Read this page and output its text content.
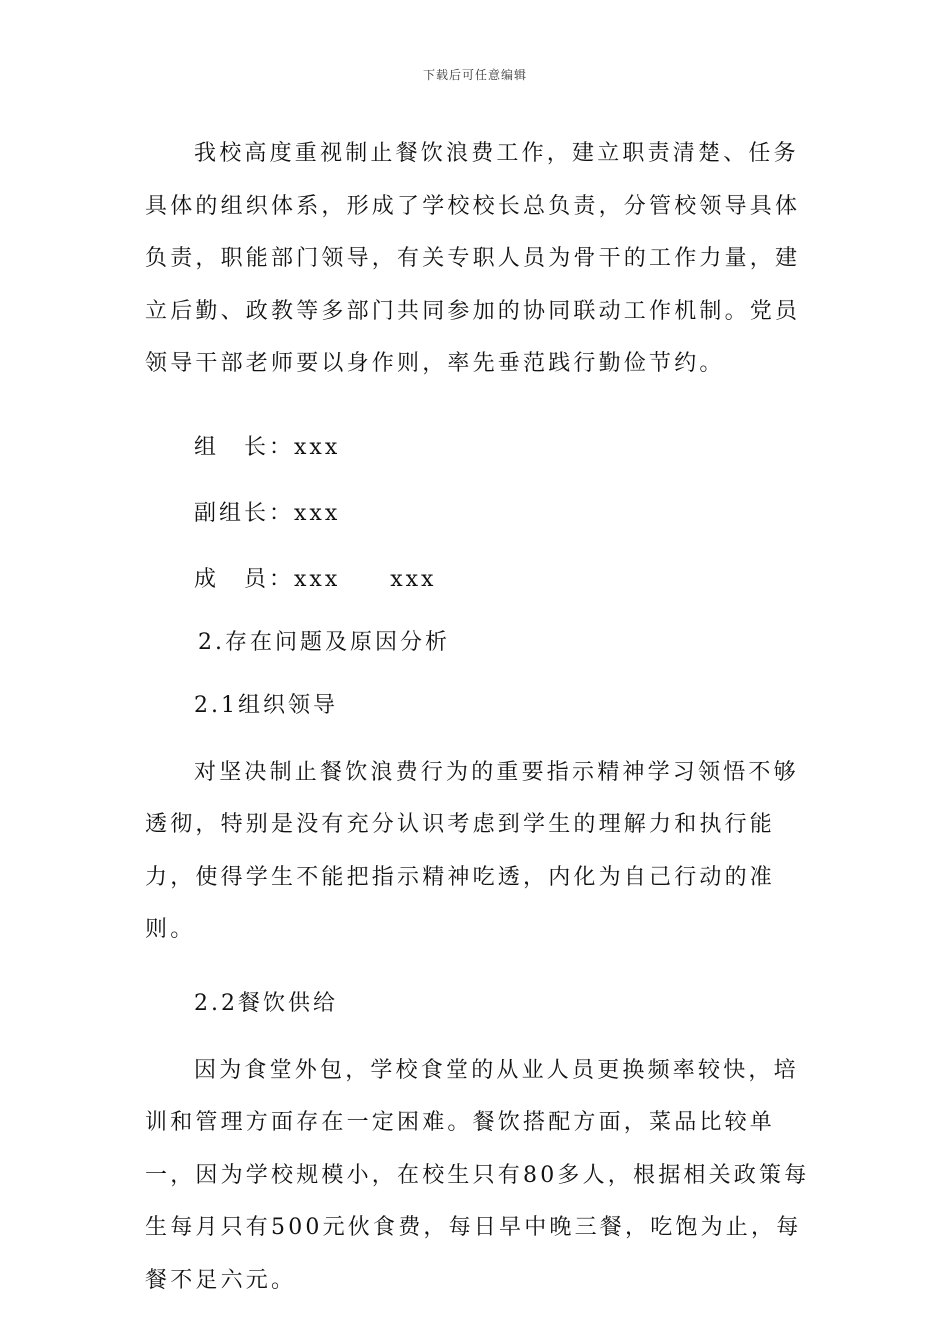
下载后可任意编辑

我校高度重视制止餐饮浪费工作，建立职责清楚、任务具体的组织体系，形成了学校校长总负责，分管校领导具体负责，职能部门领导，有关专职人员为骨干的工作力量，建立后勤、政教等多部门共同参加的协同联动工作机制。党员领导干部老师要以身作则，率先垂范践行勤俭节约。

组　长：xxx

副组长：xxx

成　员：xxx　　xxx

2.存在问题及原因分析

2.1组织领导

对坚决制止餐饮浪费行为的重要指示精神学习领悟不够透彻，特别是没有充分认识考虑到学生的理解力和执行能力，使得学生不能把指示精神吃透，内化为自己行动的准则。

2.2餐饮供给

因为食堂外包，学校食堂的从业人员更换频率较快，培训和管理方面存在一定困难。餐饮搭配方面，菜品比较单一，因为学校规模小，在校生只有80多人，根据相关政策每生每月只有500元伙食费，每日早中晚三餐，吃饱为止，每餐不足六元。
